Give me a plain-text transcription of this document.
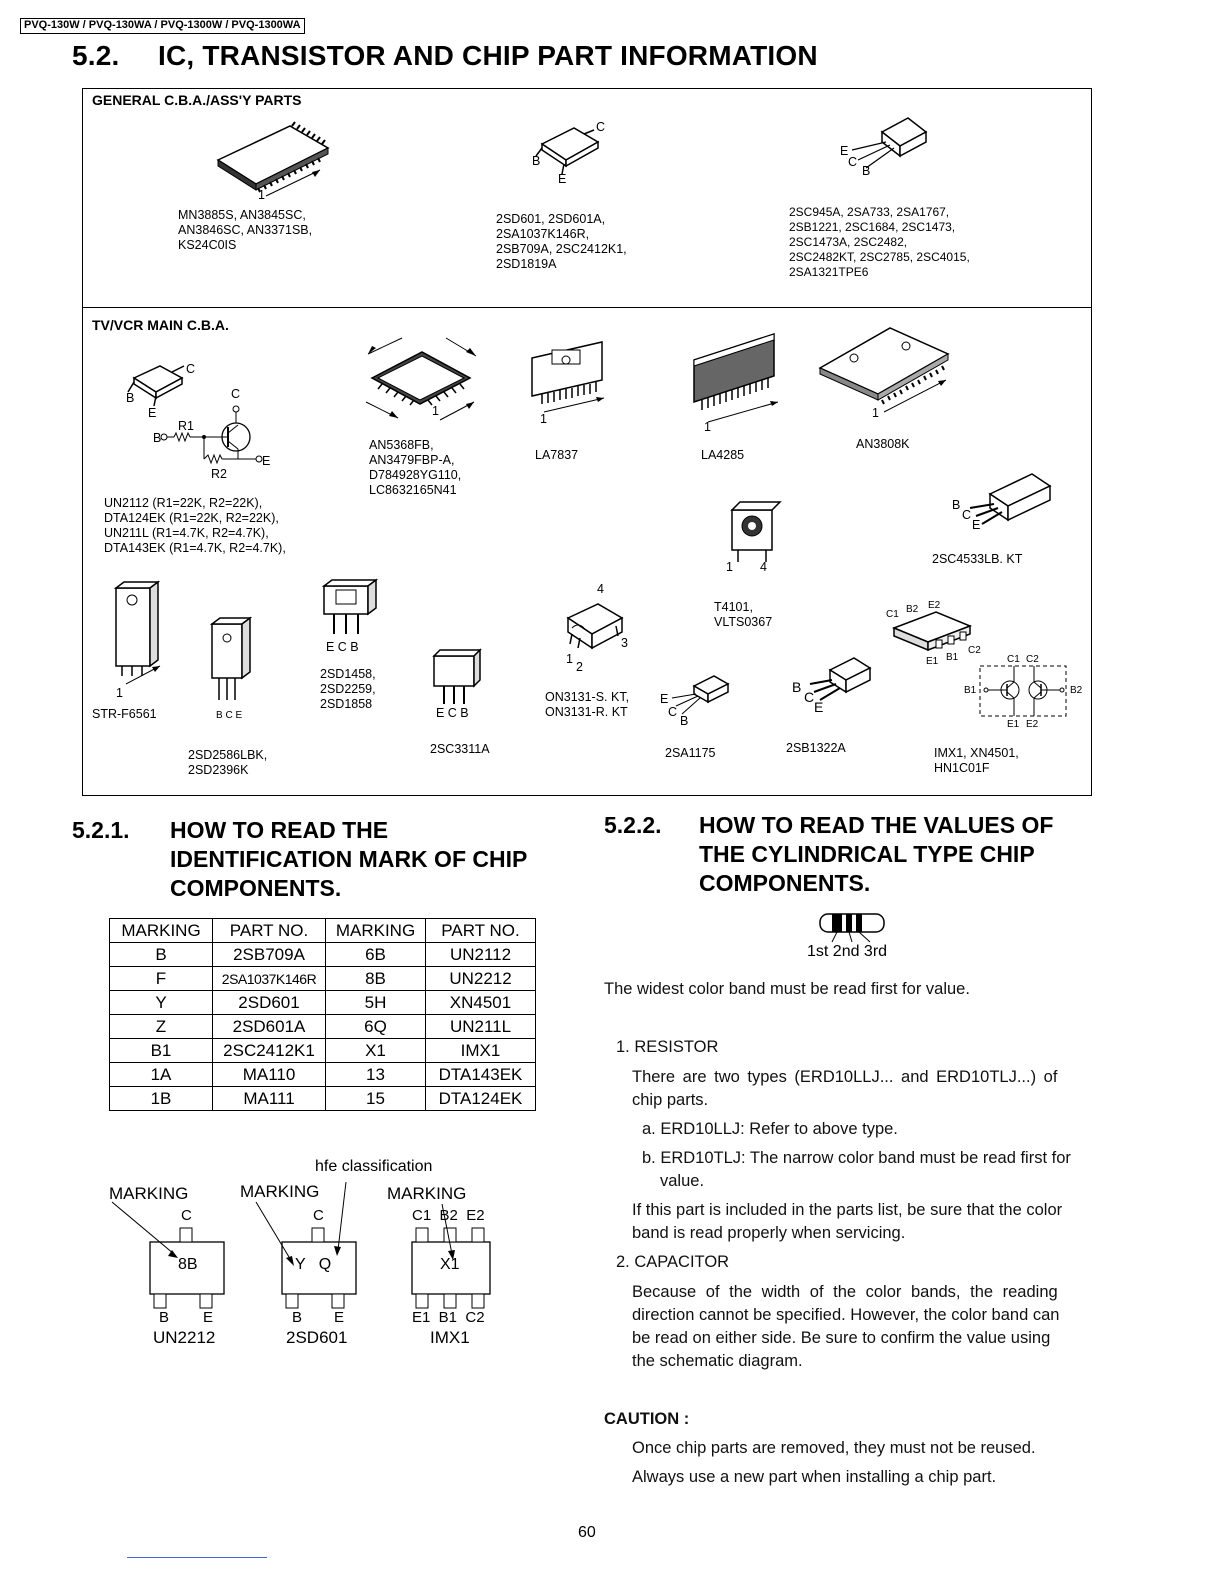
PVQ-130W / PVQ-130WA / PVQ-1300W / PVQ-1300WA
5.2. IC, TRANSISTOR AND CHIP PART INFORMATION
GENERAL C.B.A./ASS'Y PARTS
1
MN3885S, AN3845SC,
AN3846SC, AN3371SB,
KS24C0IS
C
B
E
2SD601, 2SD601A,
2SA1037K146R,
2SB709A, 2SC2412K1,
2SD1819A
E
C
B
2SC945A, 2SA733, 2SA1767,
2SB1221, 2SC1684, 2SC1473,
2SC1473A, 2SC2482,
2SC2482KT, 2SC2785, 2SC4015,
2SA1321TPE6
TV/VCR MAIN C.B.A.
C
B
E
C
R1
B
E
R2
UN2112 (R1=22K, R2=22K),
DTA124EK (R1=22K, R2=22K),
UN211L (R1=4.7K, R2=4.7K),
DTA143EK (R1=4.7K, R2=4.7K),
1
AN5368FB,
AN3479FBP-A,
D784928YG110,
LC8632165N41
1
LA7837
1
LA4285
1
AN3808K
1 4
T4101,
VLTS0367
B
C
E
2SC4533LB. KT
1
STR-F6561	B C E
2SD2586LBK,
2SD2396K
E C B
2SD1458,
2SD2259,
2SD1858
E C B
2SC3311A
4
3
1
2
ON3131-S. KT,
ON3131-R. KT
E
C
B
2SA1175
B
C
E
2SB1322A
C1 B2 E2
E1 B1
C2
C1 C2
B1	B2
E1 E2
IMX1, XN4501,
HN1C01F
5.2.1. HOW TO READ THE
IDENTIFICATION MARK OF CHIP
COMPONENTS.
MARKING	PART NO.	MARKING	PART NO.
B	2SB709A	6B	UN2112
F	2SA1037K146R	8B	UN2212
Y	2SD601	5H	XN4501
Z	2SD601A	6Q	UN211L
B1	2SC2412K1	X1	IMX1
1A	MA110	13	DTA143EK
1B	MA111	15	DTA124EK
hfe classification
MARKING	MARKING	MARKING
C
8B
B E
UN2212
C
Y   Q
B E
2SD601
C1  B2  E2
X1
E1  B1  C2
IMX1
5.2.2. HOW TO READ THE VALUES OF
THE CYLINDRICAL TYPE CHIP
COMPONENTS.
1st 2nd 3rd
The widest color band must be read first for value.
1. RESISTOR
There are two types (ERD10LLJ... and ERD10TLJ...) of
chip parts.
a. ERD10LLJ: Refer to above type.
b. ERD10TLJ: The narrow color band must be read first for
value.
If this part is included in the parts list, be sure that the color
band is read properly when servicing.
2. CAPACITOR
Because of the width of the color bands, the reading
direction cannot be specified. However, the color band can
be read on either side. Be sure to confirm the value using
the schematic diagram.
CAUTION :
Once chip parts are removed, they must not be reused.
Always use a new part when installing a chip part.
60
